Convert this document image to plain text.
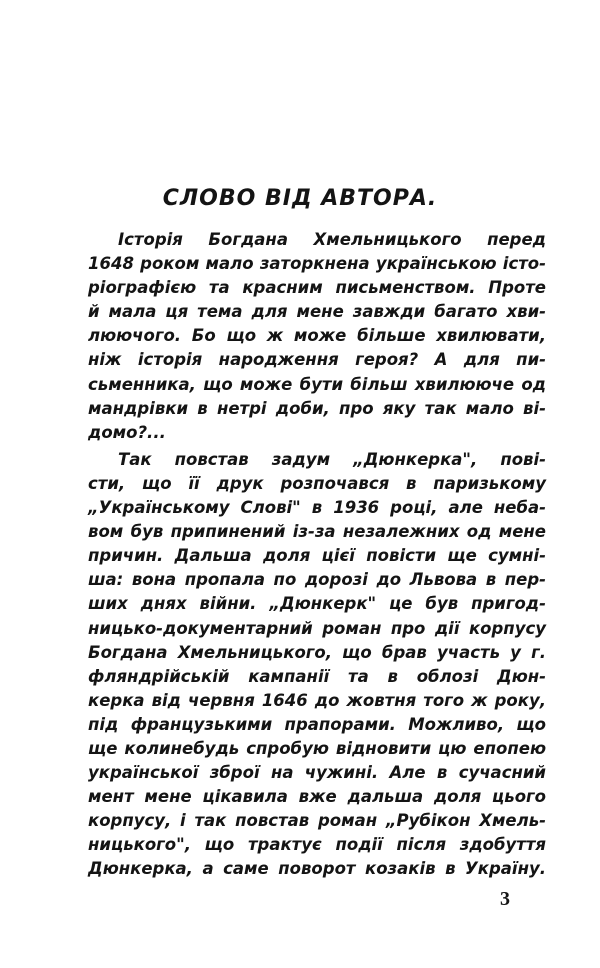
СЛОВО ВІД АВТОРА.
Історія Богдана Хмельницького перед
1648 роком мало заторкнена українською істо-
ріографією та красним письменством. Проте
й мала ця тема для мене завжди багато хви-
люючого. Бо що ж може більше хвилювати,
ніж історія народження героя? А для пи-
сьменника, що може бути більш хвилююче од
мандрівки в нетрі доби, про яку так мало ві-
домо?...
Так повстав задум „Дюнкерка", пові-
сти, що її друк розпочався в паризькому
„Українському Слові" в 1936 році, але неба-
вом був припинений із-за незалежних од мене
причин. Дальша доля цієї повісти ще сумні-
ша: вона пропала по дорозі до Львова в пер-
ших днях війни. „Дюнкерк" це був пригод-
ницько-документарний роман про дії корпусу
Богдана Хмельницького, що брав участь у г.
фляндрійській кампанії та в облозі Дюн-
керка від червня 1646 до жовтня того ж року,
під французькими прапорами. Можливо, що
ще колинебудь спробую відновити цю епопею
української зброї на чужині. Але в сучасний
мент мене цікавила вже дальша доля цього
корпусу, і так повстав роман „Рубікон Хмель-
ницького", що трактує події після здобуття
Дюнкерка, а саме поворот козаків в Україну.
3
